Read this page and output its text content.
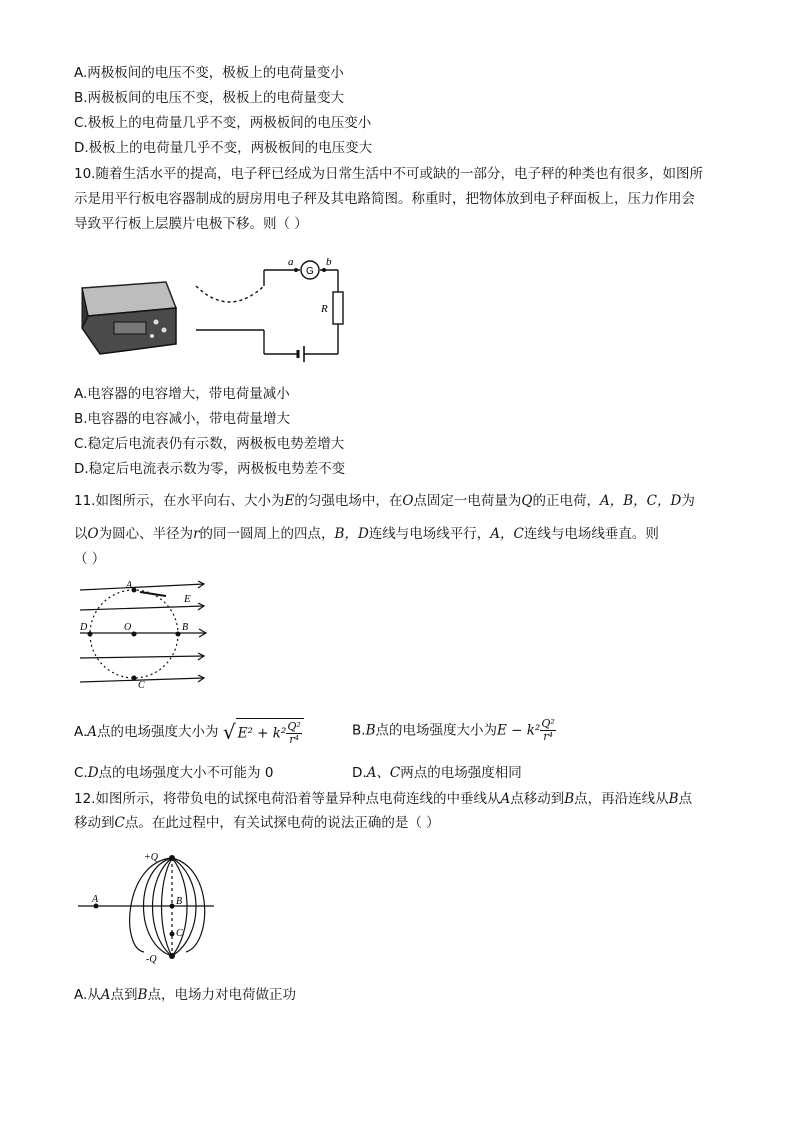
A.两极板间的电压不变，极板上的电荷量变小
B.两极板间的电压不变，极板上的电荷量变大
C.极板上的电荷量几乎不变，两极板间的电压变小
D.极板上的电荷量几乎不变，两极板间的电压变大
10.随着生活水平的提高，电子秤已经成为日常生活中不可或缺的一部分，电子秤的种类也有很多，如图所
示是用平行板电容器制成的厨房用电子秤及其电路简图。称重时，把物体放到电子秤面板上，压力作用会
导致平行板上层膜片电极下移。则（ ）
a	b
G
R
A.电容器的电容增大，带电荷量减小
B.电容器的电容减小，带电荷量增大
C.稳定后电流表仍有示数，两极板电势差增大
D.稳定后电流表示数为零，两极板电势差不变
11.如图所示，在水平向右、大小为E的匀强电场中，在O点固定一电荷量为Q的正电荷，A，B，C，D为
以O为圆心、半径为r的同一圆周上的四点，B，D连线与电场线平行，A，C连线与电场线垂直。则
（ ）
A
B
C
D	O
E
A.A点的电场强度大小为 √ $E^2 + k^2 \frac{\text{Q²}}{\text{r⁴}}$	B.B点的电场强度大小为$E - k^2 \frac{\text{Q²}}{\text{r⁴}}$
C.D点的电场强度大小不可能为 0	D.A、C两点的电场强度相同
12.如图所示，将带负电的试探电荷沿着等量异种点电荷连线的中垂线从A点移动到B点，再沿连线从B点
移动到C点。在此过程中，有关试探电荷的说法正确的是（ ）
+Q
-Q
A	B
C
A.从A点到B点，电场力对电荷做正功
